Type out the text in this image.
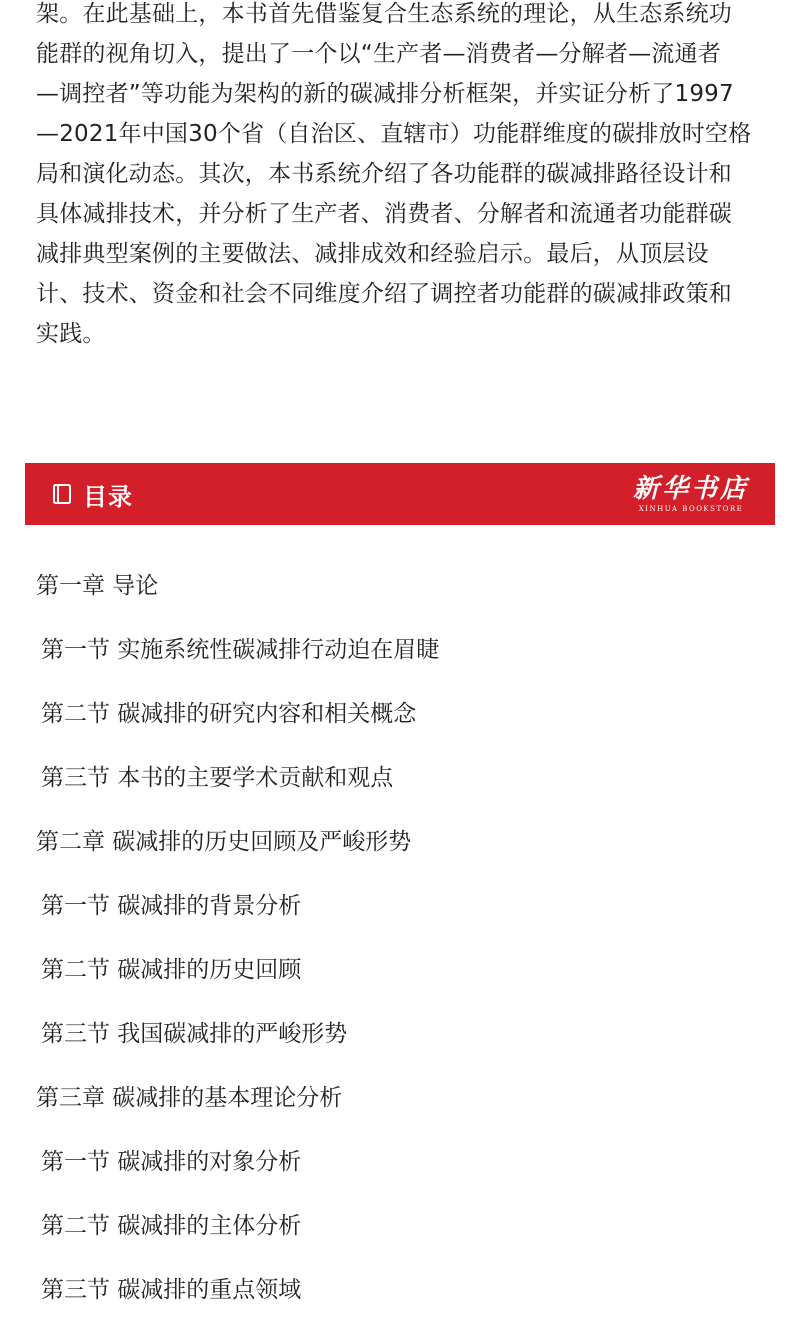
架。在此基础上，本书首先借鉴复合生态系统的理论，从生态系统功

能群的视角切入，提出了一个以“生产者—消费者—分解者—流通者

—调控者”等功能为架构的新的碳减排分析框架，并实证分析了1997

—2021年中国30个省（自治区、直辖市）功能群维度的碳排放时空格

局和演化动态。其次，本书系统介绍了各功能群的碳减排路径设计和

具体减排技术，并分析了生产者、消费者、分解者和流通者功能群碳

减排典型案例的主要做法、减排成效和经验启示。最后，从顶层设

计、技术、资金和社会不同维度介绍了调控者功能群的碳减排政策和

实践。

目录	新华书店
XINHUA BOOKSTORE
第一章 导论
第一节 实施系统性碳减排行动迫在眉睫
第二节 碳减排的研究内容和相关概念
第三节 本书的主要学术贡献和观点
第二章 碳减排的历史回顾及严峻形势
第一节 碳减排的背景分析
第二节 碳减排的历史回顾
第三节 我国碳减排的严峻形势
第三章 碳减排的基本理论分析
第一节 碳减排的对象分析
第二节 碳减排的主体分析
第三节 碳减排的重点领域
